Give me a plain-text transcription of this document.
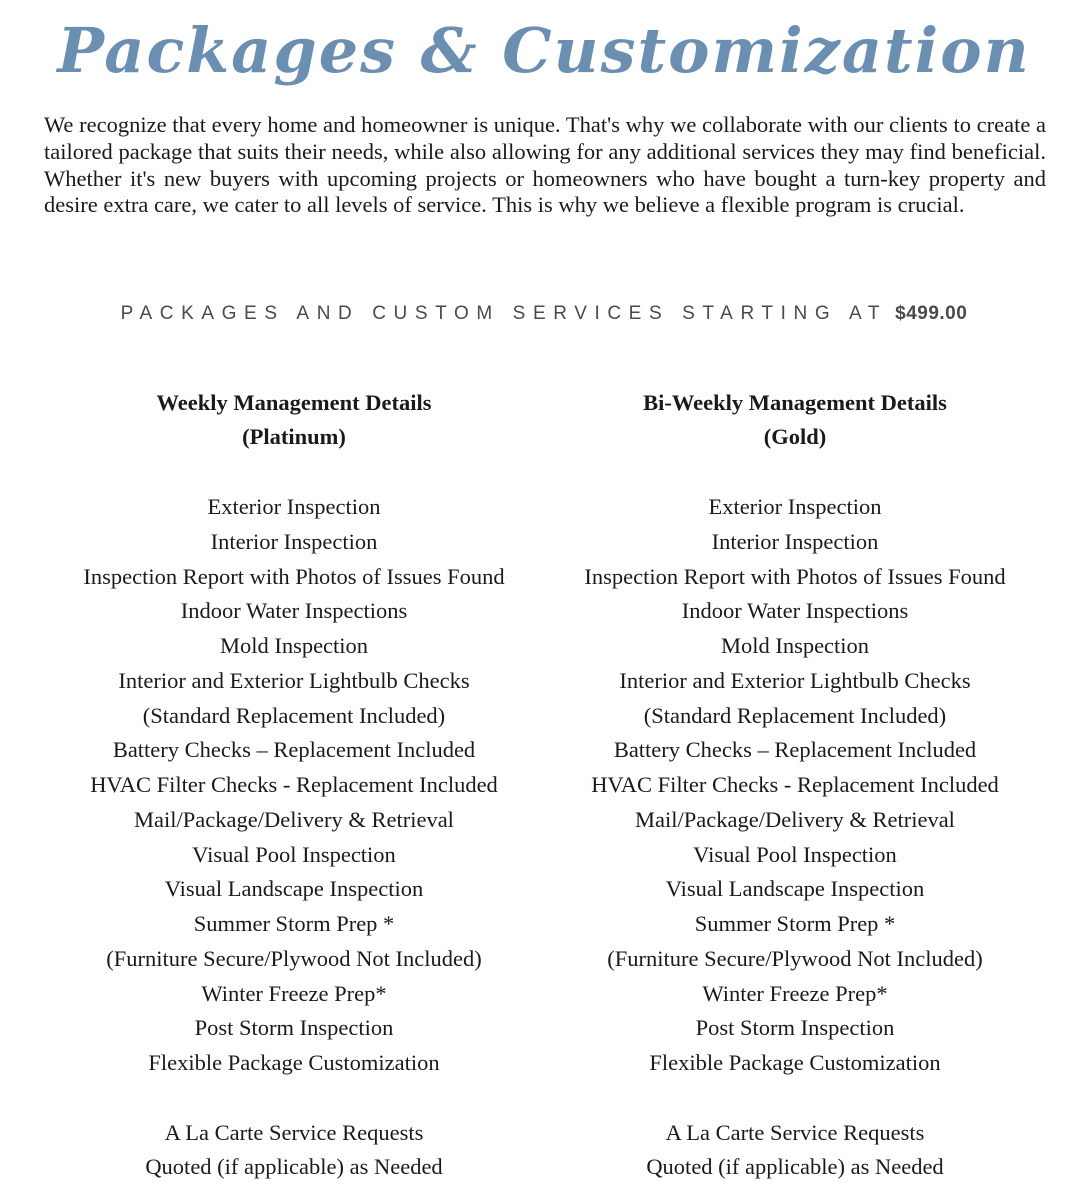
Packages & Customization

We recognize that every home and homeowner is unique. That's why we collaborate with our clients to create a tailored package that suits their needs, while also allowing for any additional services they may find beneficial. Whether it's new buyers with upcoming projects or homeowners who have bought a turn-key property and desire extra care, we cater to all levels of service. This is why we believe a flexible program is crucial.

PACKAGES AND CUSTOM SERVICES STARTING AT $499.00
Weekly Management Details
(Platinum)
Exterior Inspection
Interior Inspection
Inspection Report with Photos of Issues Found
Indoor Water Inspections
Mold Inspection
Interior and Exterior Lightbulb Checks
(Standard Replacement Included)
Battery Checks – Replacement Included
HVAC Filter Checks - Replacement Included
Mail/Package/Delivery & Retrieval
Visual Pool Inspection
Visual Landscape Inspection
Summer Storm Prep *
(Furniture Secure/Plywood Not Included)
Winter Freeze Prep*
Post Storm Inspection
Flexible Package Customization
A La Carte Service Requests
Quoted (if applicable) as Needed
Bi-Weekly Management Details
(Gold)
Exterior Inspection
Interior Inspection
Inspection Report with Photos of Issues Found
Indoor Water Inspections
Mold Inspection
Interior and Exterior Lightbulb Checks
(Standard Replacement Included)
Battery Checks – Replacement Included
HVAC Filter Checks - Replacement Included
Mail/Package/Delivery & Retrieval
Visual Pool Inspection
Visual Landscape Inspection
Summer Storm Prep *
(Furniture Secure/Plywood Not Included)
Winter Freeze Prep*
Post Storm Inspection
Flexible Package Customization
A La Carte Service Requests
Quoted (if applicable) as Needed
